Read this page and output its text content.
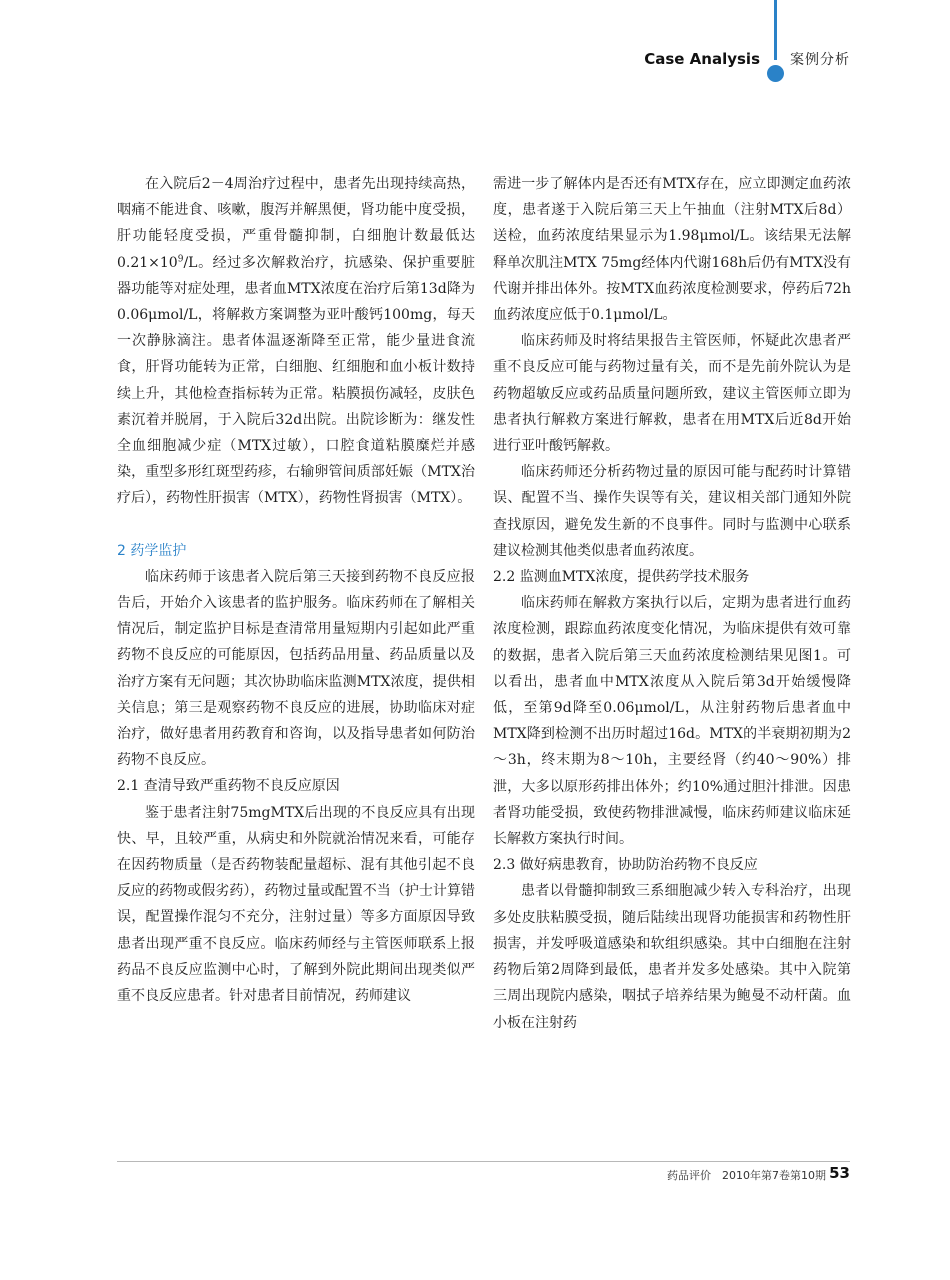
Case Analysis 案例分析

在入院后2－4周治疗过程中，患者先出现持续高热，咽痛不能进食、咳嗽，腹泻并解黑便，肾功能中度受损，肝功能轻度受损，严重骨髓抑制，白细胞计数最低达$0.21\times 10^9/L$。经过多次解救治疗，抗感染、保护重要脏器功能等对症处理，患者血MTX浓度在治疗后第13d降为0.06μmol/L，将解救方案调整为亚叶酸钙100mg，每天一次静脉滴注。患者体温逐渐降至正常，能少量进食流食，肝肾功能转为正常，白细胞、红细胞和血小板计数持续上升，其他检查指标转为正常。粘膜损伤减轻，皮肤色素沉着并脱屑，于入院后32d出院。出院诊断为：继发性全血细胞减少症（MTX过敏），口腔食道粘膜糜烂并感染，重型多形红斑型药疹，右输卵管间质部妊娠（MTX治疗后），药物性肝损害（MTX），药物性肾损害（MTX）。

2 药学监护

临床药师于该患者入院后第三天接到药物不良反应报告后，开始介入该患者的监护服务。临床药师在了解相关情况后，制定监护目标是查清常用量短期内引起如此严重药物不良反应的可能原因，包括药品用量、药品质量以及治疗方案有无问题；其次协助临床监测MTX浓度，提供相关信息；第三是观察药物不良反应的进展，协助临床对症治疗，做好患者用药教育和咨询，以及指导患者如何防治药物不良反应。

2.1 查清导致严重药物不良反应原因

鉴于患者注射75mgMTX后出现的不良反应具有出现快、早，且较严重，从病史和外院就治情况来看，可能存在因药物质量（是否药物装配量超标、混有其他引起不良反应的药物或假劣药），药物过量或配置不当（护士计算错误，配置操作混匀不充分，注射过量）等多方面原因导致患者出现严重不良反应。临床药师经与主管医师联系上报药品不良反应监测中心时，了解到外院此期间出现类似严重不良反应患者。针对患者目前情况，药师建议

需进一步了解体内是否还有MTX存在，应立即测定血药浓度，患者遂于入院后第三天上午抽血（注射MTX后8d）送检，血药浓度结果显示为1.98μmol/L。该结果无法解释单次肌注MTX 75mg经体内代谢168h后仍有MTX没有代谢并排出体外。按MTX血药浓度检测要求，停药后72h血药浓度应低于0.1μmol/L。

临床药师及时将结果报告主管医师，怀疑此次患者严重不良反应可能与药物过量有关，而不是先前外院认为是药物超敏反应或药品质量问题所致，建议主管医师立即为患者执行解救方案进行解救，患者在用MTX后近8d开始进行亚叶酸钙解救。

临床药师还分析药物过量的原因可能与配药时计算错误、配置不当、操作失误等有关，建议相关部门通知外院查找原因，避免发生新的不良事件。同时与监测中心联系建议检测其他类似患者血药浓度。

2.2 监测血MTX浓度，提供药学技术服务

临床药师在解救方案执行以后，定期为患者进行血药浓度检测，跟踪血药浓度变化情况，为临床提供有效可靠的数据，患者入院后第三天血药浓度检测结果见图1。可以看出，患者血中MTX浓度从入院后第3d开始缓慢降低，至第9d降至0.06μmol/L，从注射药物后患者血中MTX降到检测不出历时超过16d。MTX的半衰期初期为2～3h，终末期为8～10h，主要经肾（约40～90%）排泄，大多以原形药排出体外；约10%通过胆汁排泄。因患者肾功能受损，致使药物排泄减慢，临床药师建议临床延长解救方案执行时间。

2.3 做好病患教育，协助防治药物不良反应

患者以骨髓抑制致三系细胞减少转入专科治疗，出现多处皮肤粘膜受损，随后陆续出现肾功能损害和药物性肝损害，并发呼吸道感染和软组织感染。其中白细胞在注射药物后第2周降到最低，患者并发多处感染。其中入院第三周出现院内感染，咽拭子培养结果为鲍曼不动杆菌。血小板在注射药

药品评价　2010年第7卷第10期 53
